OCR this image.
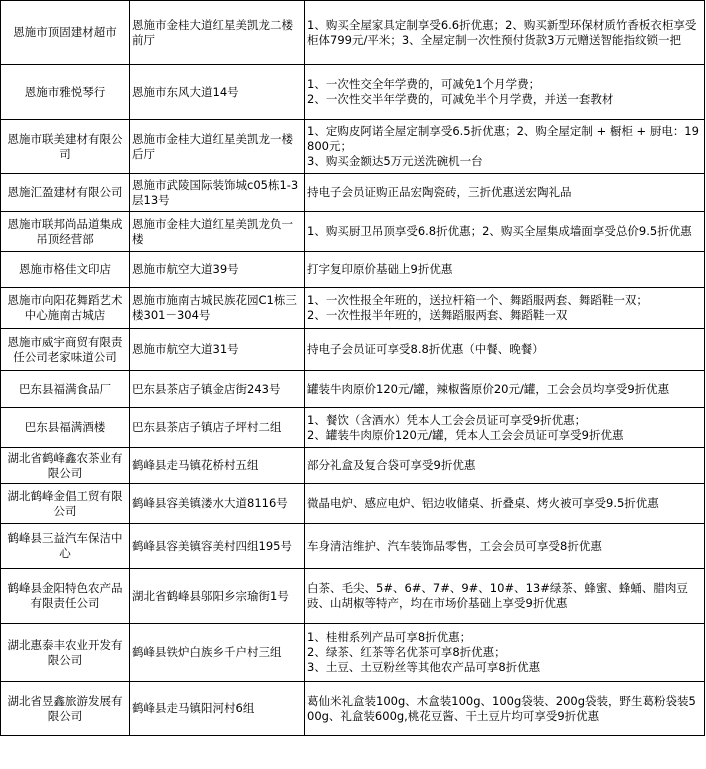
恩施市顶固建材超市	恩施市金桂大道红星美凯龙二楼前厅	1、购买全屋家具定制享受6.6折优惠；2、购买新型环保材质竹香板衣柜享受柜体799元/平米；3、全屋定制一次性预付货款3万元赠送智能指纹锁一把
恩施市雅悦琴行	恩施市东风大道14号	1、一次性交全年学费的，可减免1个月学费；
2、一次性交半年学费的，可减免半个月学费，并送一套教材

恩施市联美建材有限公司	恩施市金桂大道红星美凯龙一楼后厅	1、定购皮阿诺全屋定制享受6.5折优惠；2、购全屋定制 + 橱柜 + 厨电：19800元；
3、购买金额达5万元送洗碗机一台

恩施汇盈建材有限公司	恩施市武陵国际装饰城c05栋1-3层13号	持电子会员证购正品宏陶瓷砖，三折优惠送宏陶礼品
恩施市联邦尚品道集成吊顶经营部	恩施市金桂大道红星美凯龙负一楼	1、购买厨卫吊顶享受6.8折优惠；2、购买全屋集成墙面享受总价9.5折优惠
恩施市格佳文印店	恩施市航空大道39号	打字复印原价基础上9折优惠
恩施市向阳花舞蹈艺术中心施南古城店	恩施市施南古城民族花园C1栋三楼301－304号	1、一次性报全年班的，送拉杆箱一个、舞蹈服两套、舞蹈鞋一双；
2、一次性报半年班的，送舞蹈服两套、舞蹈鞋一双

恩施市威宇商贸有限责任公司老家味道公司	恩施市航空大道31号	持电子会员证可享受8.8折优惠（中餐、晚餐）
巴东县福满食品厂	巴东县茶店子镇金店街243号	罐装牛肉原价120元/罐，辣椒酱原价20元/罐，工会会员均享受9折优惠
巴东县福满酒楼	巴东县茶店子镇店子坪村二组	1、餐饮（含酒水）凭本人工会会员证可享受9折优惠；
2、罐装牛肉原价120元/罐，凭本人工会会员证可享受9折优惠

湖北省鹤峰鑫农茶业有限公司	鹤峰县走马镇花桥村五组	部分礼盒及复合袋可享受9折优惠
湖北鹤峰金倡工贸有限公司	鹤峰县容美镇溇水大道8116号	微晶电炉、感应电炉、铝边收储桌、折叠桌、烤火被可享受9.5折优惠
鹤峰县三益汽车保洁中心	鹤峰县容美镇容美村四组195号	车身清洁维护、汽车装饰品零售，工会会员可享受8折优惠
鹤峰县金阳特色农产品有限责任公司	湖北省鹤峰县邬阳乡宗瑜街1号	白茶、毛尖、5#、6#、7#、9#、10#、13#绿茶、蜂蜜、蜂蛹、腊肉豆豉、山胡椒等特产，均在市场价基础上享受9折优惠
湖北惠泰丰农业开发有限公司	鹤峰县铁炉白族乡千户村三组	1、桂柑系列产品可享8折优惠；
2、绿茶、红茶等名优茶可享8折优惠；
3、土豆、土豆粉丝等其他农产品可享8折优惠

湖北省昱鑫旅游发展有限公司	鹤峰县走马镇阳河村6组	葛仙米礼盒装100g、木盒装100g、100g袋装、200g袋装，野生葛粉袋装500g、礼盒装600g,桃花豆酱、干土豆片均可享受9折优惠
